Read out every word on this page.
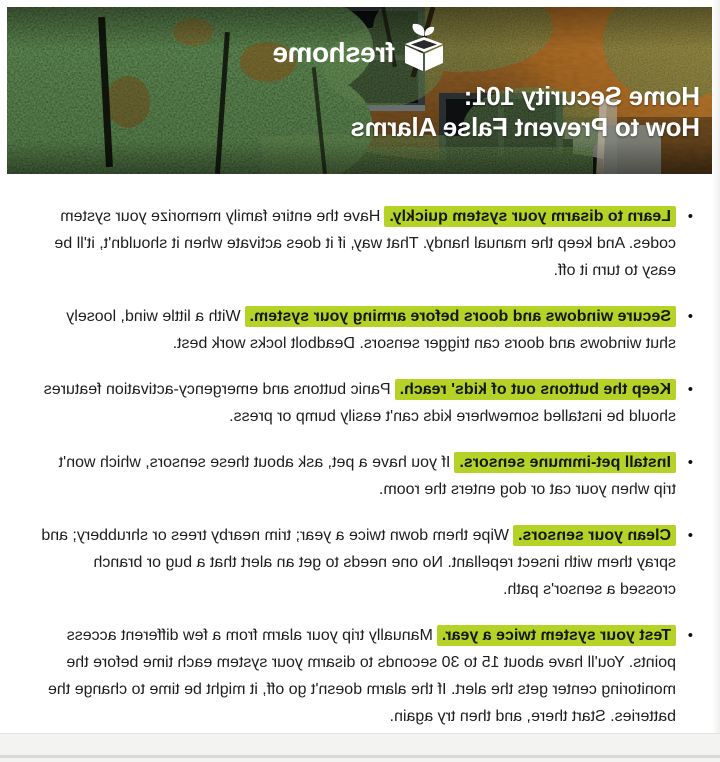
freshome
Home Security 101:
How to Prevent False Alarms
•

Learn to disarm your system quickly.Have the entire family memorize your system codes. And keep the manual handy. That way, if it does activate when it shouldn't, it'll be easy to turn it off.

•

Secure windows and doors before arming your system.With a little wind, loosely shut windows and doors can trigger sensors. Deadbolt locks work best.

•

Keep the buttons out of kids' reach.Panic buttons and emergency-activation features should be installed somewhere kids can't easily bump or press.

•

Install pet-immune sensors.If you have a pet, ask about these sensors, which won't trip when your cat or dog enters the room.

•

Clean your sensors.Wipe them down twice a year; trim nearby trees or shrubbery; and spray them with insect repellant. No one needs to get an alert that a bug or branch crossed a sensor's path.

•

Test your system twice a year.Manually trip your alarm from a few different access points. You'll have about 15 to 30 seconds to disarm your system each time before the monitoring center gets the alert. If the alarm doesn't go off, it might be time to change the batteries. Start there, and then try again.
